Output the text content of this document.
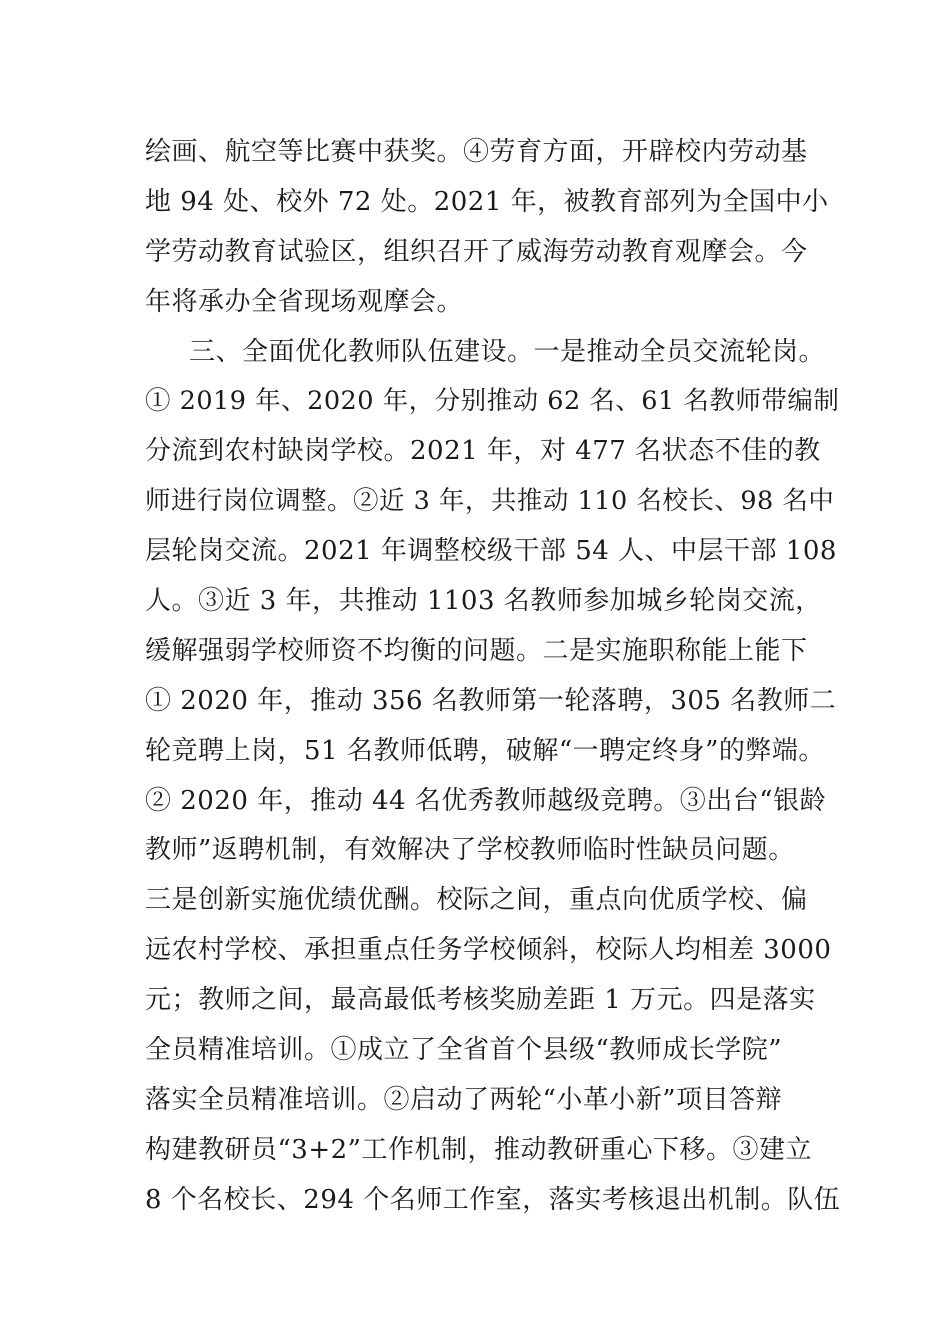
绘画、航空等比赛中获奖。④劳育方面，开辟校内劳动基
地 94 处、校外 72 处。2021 年，被教育部列为全国中小
学劳动教育试验区，组织召开了威海劳动教育观摩会。今
年将承办全省现场观摩会。
三、全面优化教师队伍建设。一是推动全员交流轮岗。
① 2019 年、2020 年，分别推动 62 名、61 名教师带编制
分流到农村缺岗学校。2021 年，对 477 名状态不佳的教
师进行岗位调整。②近 3 年，共推动 110 名校长、98 名中
层轮岗交流。2021 年调整校级干部 54 人、中层干部 108
人。③近 3 年，共推动 1103 名教师参加城乡轮岗交流，
缓解强弱学校师资不均衡的问题。二是实施职称能上能下
① 2020 年，推动 356 名教师第一轮落聘，305 名教师二
轮竞聘上岗，51 名教师低聘，破解“一聘定终身”的弊端。
② 2020 年，推动 44 名优秀教师越级竞聘。③出台“银龄
教师”返聘机制，有效解决了学校教师临时性缺员问题。
三是创新实施优绩优酬。校际之间，重点向优质学校、偏
远农村学校、承担重点任务学校倾斜，校际人均相差 3000
元；教师之间，最高最低考核奖励差距 1 万元。四是落实
全员精准培训。①成立了全省首个县级“教师成长学院”
落实全员精准培训。②启动了两轮“小革小新”项目答辩
构建教研员“3+2”工作机制，推动教研重心下移。③建立
8 个名校长、294 个名师工作室，落实考核退出机制。队伍
